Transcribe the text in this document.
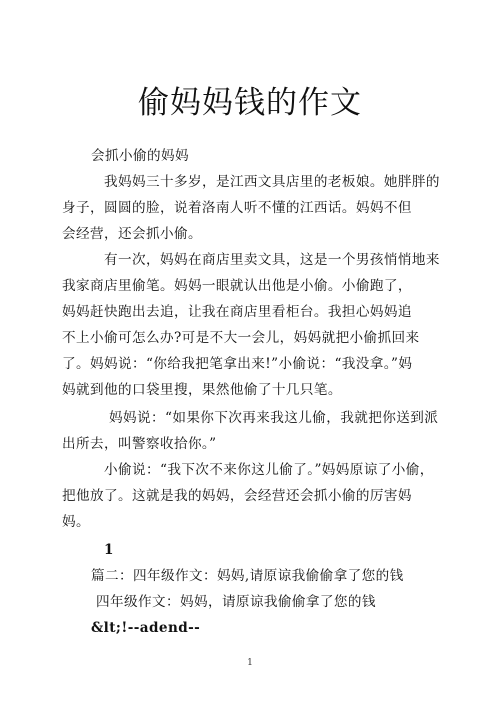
偷妈妈钱的作文
会抓小偷的妈妈
我妈妈三十多岁，是江西文具店里的老板娘。她胖胖的
身子，圆圆的脸，说着洛南人听不懂的江西话。妈妈不但
会经营，还会抓小偷。
有一次，妈妈在商店里卖文具，这是一个男孩悄悄地来
我家商店里偷笔。妈妈一眼就认出他是小偷。小偷跑了，
妈妈赶快跑出去追，让我在商店里看柜台。我担心妈妈追
不上小偷可怎么办?可是不大一会儿，妈妈就把小偷抓回来
了。妈妈说：“你给我把笔拿出来!”小偷说：“我没拿。”妈
妈就到他的口袋里搜，果然他偷了十几只笔。
妈妈说：“如果你下次再来我这儿偷，我就把你送到派
出所去，叫警察收拾你。”
小偷说：“我下次不来你这儿偷了。”妈妈原谅了小偷，
把他放了。这就是我的妈妈，会经营还会抓小偷的厉害妈
妈。
1
篇二：四年级作文：妈妈,请原谅我偷偷拿了您的钱
四年级作文：妈妈，请原谅我偷偷拿了您的钱
&lt;!--adend--
1
